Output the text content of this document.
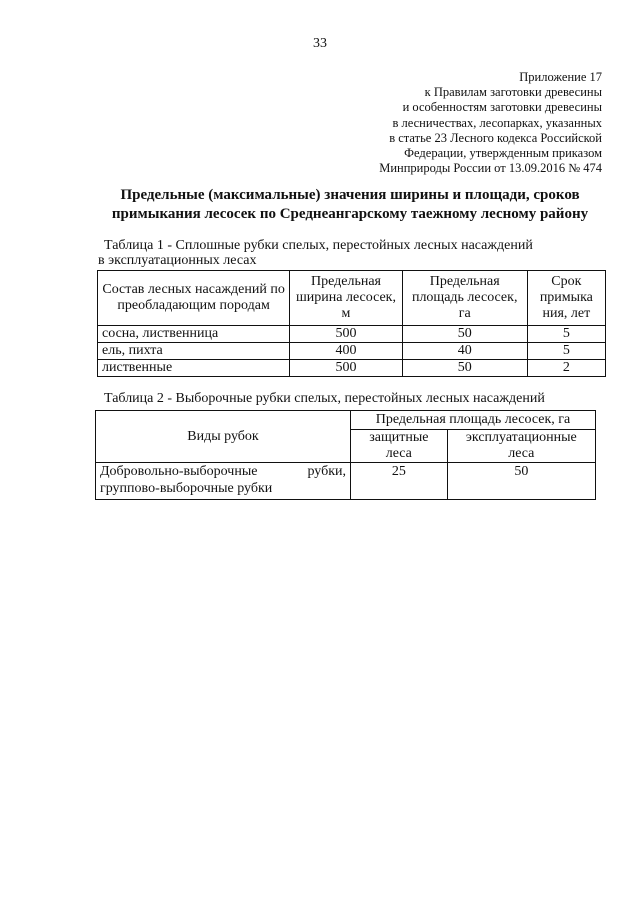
33
Приложение 17
к Правилам заготовки древесины
и особенностям заготовки древесины
в лесничествах, лесопарках, указанных
в статье 23 Лесного кодекса Российской
Федерации, утвержденным приказом
Минприроды России от 13.09.2016 № 474
Предельные (максимальные) значения ширины и площади, сроков
примыкания лесосек по Среднеангарскому таежному лесному району
Таблица 1 - Сплошные рубки спелых, перестойных лесных насаждений
в эксплуатационных лесах
Состав лесных насаждений по преобладающим породам	Предельная ширина лесосек, м	Предельная площадь лесосек, га	Срок примыка ния, лет
сосна, лиственница	500	50	5
ель, пихта	400	40	5
лиственные	500	50	2
Таблица 2 - Выборочные рубки спелых, перестойных лесных насаждений
Виды рубок	Предельная площадь лесосек, га	
	защитные леса	эксплуатационные леса

Добровольно-выборочные рубки,
групповo-выборочные рубки	25	50
